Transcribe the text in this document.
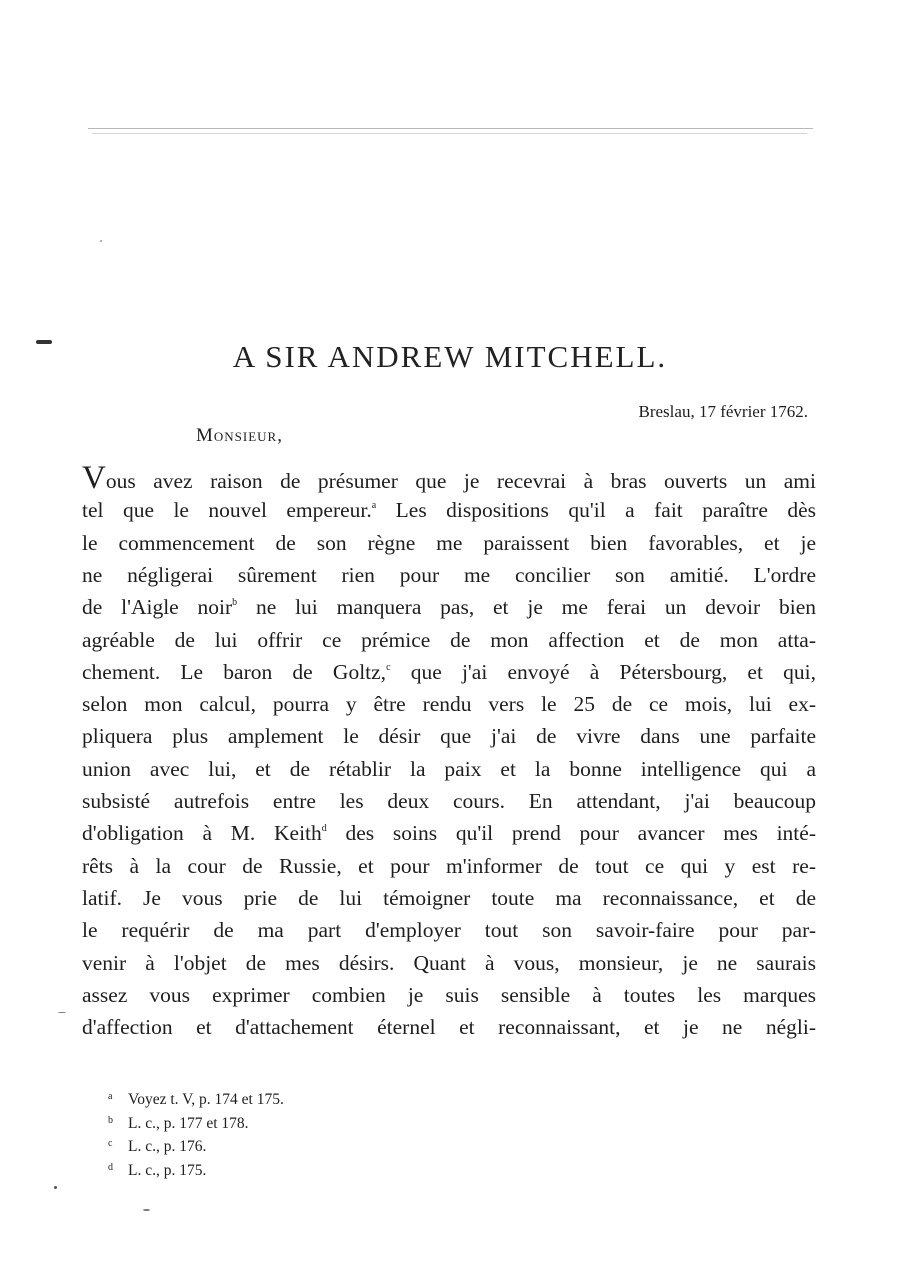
A SIR ANDREW MITCHELL.
Breslau, 17 février 1762.
Monsieur,
Vous avez raison de présumer que je recevrai à bras ouverts un ami
tel que le nouvel empereur.$^a$ Les dispositions qu'il a fait paraître dès
le commencement de son règne me paraissent bien favorables, et je
ne négligerai sûrement rien pour me concilier son amitié. L'ordre
de l'Aigle noir$^b$ ne lui manquera pas, et je me ferai un devoir bien
agréable de lui offrir ce prémice de mon affection et de mon atta-
chement. Le baron de Goltz,$^c$ que j'ai envoyé à Pétersbourg, et qui,
selon mon calcul, pourra y être rendu vers le 25 de ce mois, lui ex-
pliquera plus amplement le désir que j'ai de vivre dans une parfaite
union avec lui, et de rétablir la paix et la bonne intelligence qui a
subsisté autrefois entre les deux cours. En attendant, j'ai beaucoup
d'obligation à M. Keith$^d$ des soins qu'il prend pour avancer mes inté-
rêts à la cour de Russie, et pour m'informer de tout ce qui y est re-
latif. Je vous prie de lui témoigner toute ma reconnaissance, et de
le requérir de ma part d'employer tout son savoir-faire pour par-
venir à l'objet de mes désirs. Quant à vous, monsieur, je ne saurais
assez vous exprimer combien je suis sensible à toutes les marques
d'affection et d'attachement éternel et reconnaissant, et je ne négli-
a Voyez t. V, p. 174 et 175.
b L. c., p. 177 et 178.
c L. c., p. 176.
d L. c., p. 175.
